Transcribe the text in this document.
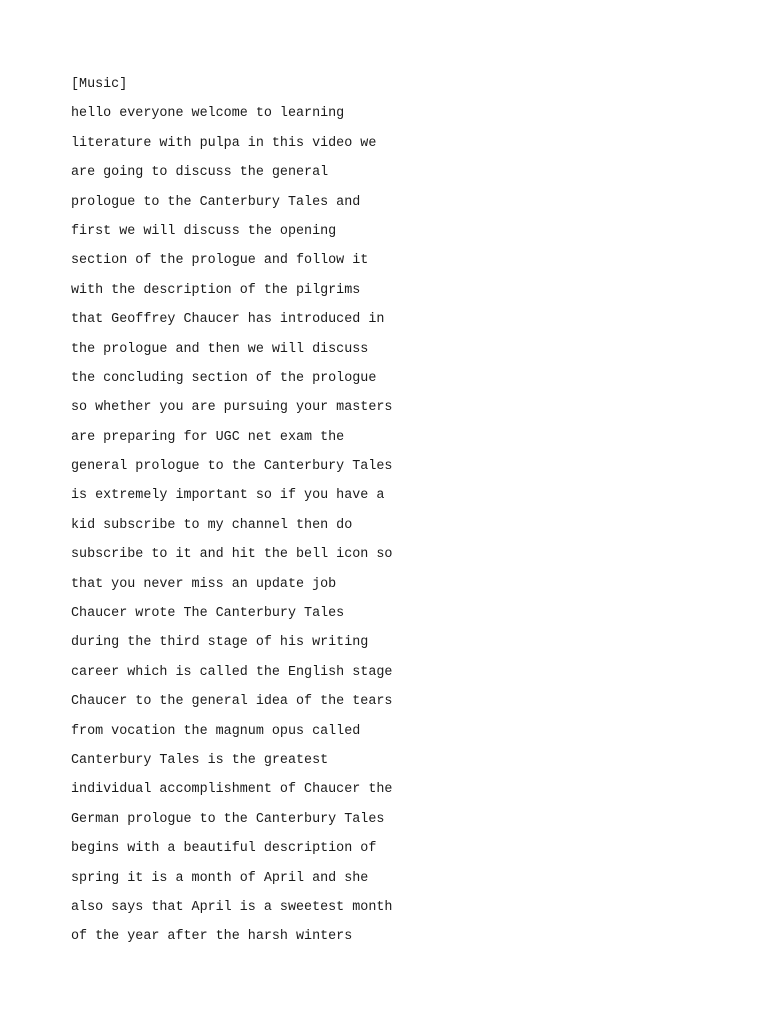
[Music]
hello everyone welcome to learning
literature with pulpa in this video we
are going to discuss the general
prologue to the Canterbury Tales and
first we will discuss the opening
section of the prologue and follow it
with the description of the pilgrims
that Geoffrey Chaucer has introduced in
the prologue and then we will discuss
the concluding section of the prologue
so whether you are pursuing your masters
are preparing for UGC net exam the
general prologue to the Canterbury Tales
is extremely important so if you have a
kid subscribe to my channel then do
subscribe to it and hit the bell icon so
that you never miss an update job
Chaucer wrote The Canterbury Tales
during the third stage of his writing
career which is called the English stage
Chaucer to the general idea of the tears
from vocation the magnum opus called
Canterbury Tales is the greatest
individual accomplishment of Chaucer the
German prologue to the Canterbury Tales
begins with a beautiful description of
spring it is a month of April and she
also says that April is a sweetest month
of the year after the harsh winters
